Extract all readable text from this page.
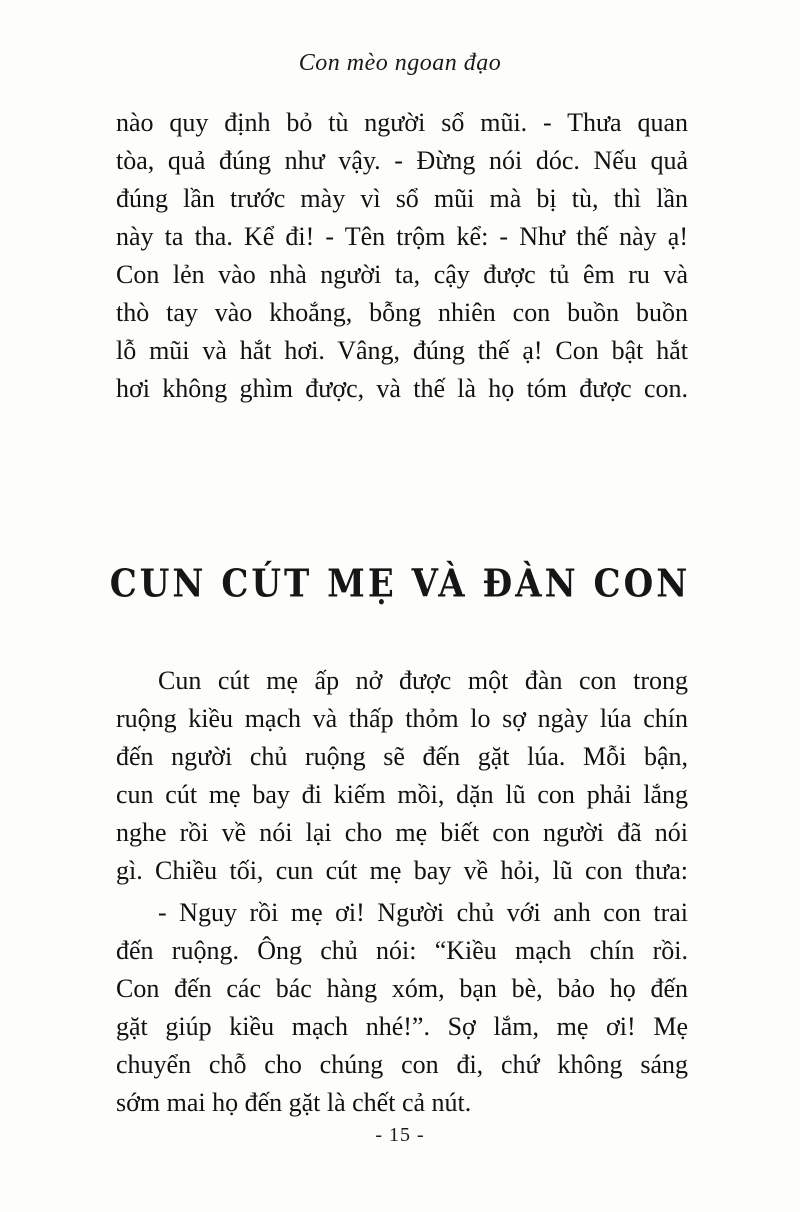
Con mèo ngoan đạo
nào quy định bỏ tù người sổ mũi. - Thưa quan
tòa, quả đúng như vậy. - Đừng nói dóc. Nếu quả
đúng lần trước mày vì sổ mũi mà bị tù, thì lần
này ta tha. Kể đi! - Tên trộm kể: - Như thế này ạ!
Con lẻn vào nhà người ta, cậy được tủ êm ru và
thò tay vào khoắng, bỗng nhiên con buồn buồn
lỗ mũi và hắt hơi. Vâng, đúng thế ạ! Con bật hắt
hơi không ghìm được, và thế là họ tóm được con.
CUN CÚT MẸ VÀ ĐÀN CON
Cun cút mẹ ấp nở được một đàn con trong
ruộng kiều mạch và thấp thỏm lo sợ ngày lúa chín
đến người chủ ruộng sẽ đến gặt lúa. Mỗi bận,
cun cút mẹ bay đi kiếm mồi, dặn lũ con phải lắng
nghe rồi về nói lại cho mẹ biết con người đã nói
gì. Chiều tối, cun cút mẹ bay về hỏi, lũ con thưa:
- Nguy rồi mẹ ơi! Người chủ với anh con trai
đến ruộng. Ông chủ nói: “Kiều mạch chín rồi.
Con đến các bác hàng xóm, bạn bè, bảo họ đến
gặt giúp kiều mạch nhé!”. Sợ lắm, mẹ ơi! Mẹ
chuyển chỗ cho chúng con đi, chứ không sáng
sớm mai họ đến gặt là chết cả nút.
- 15 -
